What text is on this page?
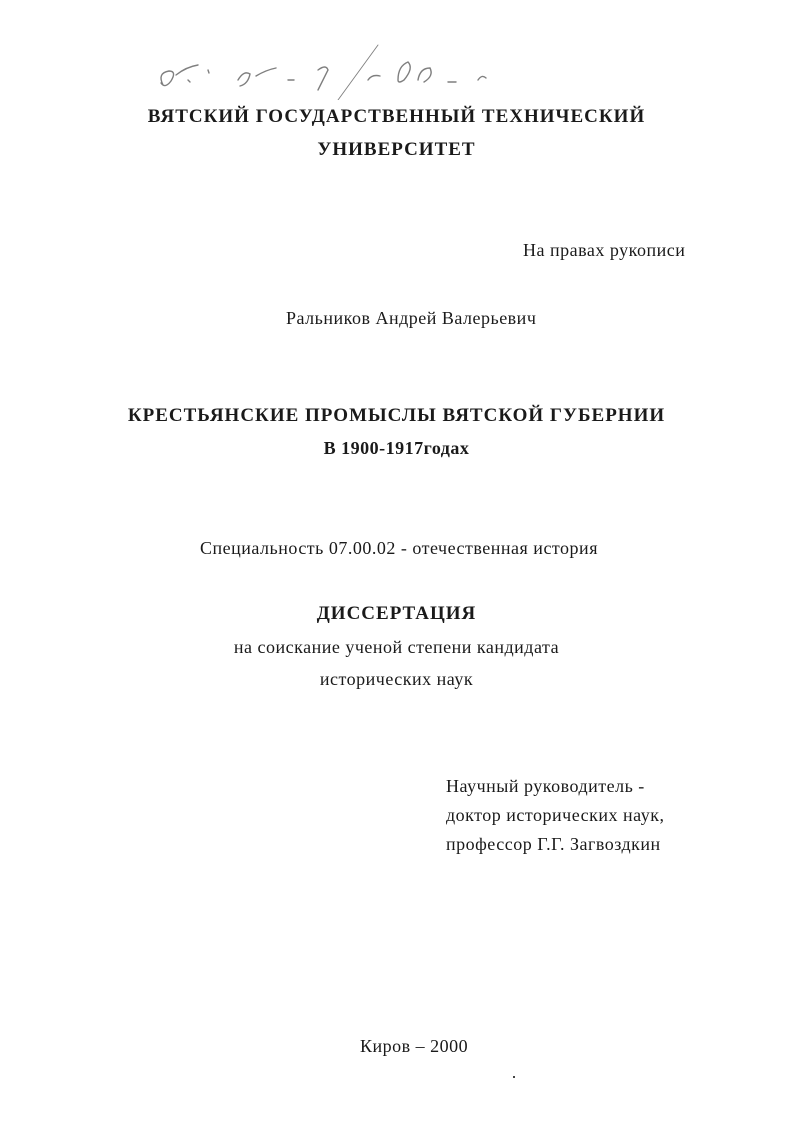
ВЯТСКИЙ ГОСУДАРСТВЕННЫЙ ТЕХНИЧЕСКИЙ
УНИВЕРСИТЕТ
На правах рукописи
Ральников Андрей Валерьевич
КРЕСТЬЯНСКИЕ ПРОМЫСЛЫ ВЯТСКОЙ ГУБЕРНИИ
В 1900-1917годах
Специальность 07.00.02 - отечественная история
ДИССЕРТАЦИЯ
на соискание ученой степени кандидата
исторических наук
Научный руководитель -
доктор исторических наук,
профессор Г.Г. Загвоздкин
Киров – 2000
